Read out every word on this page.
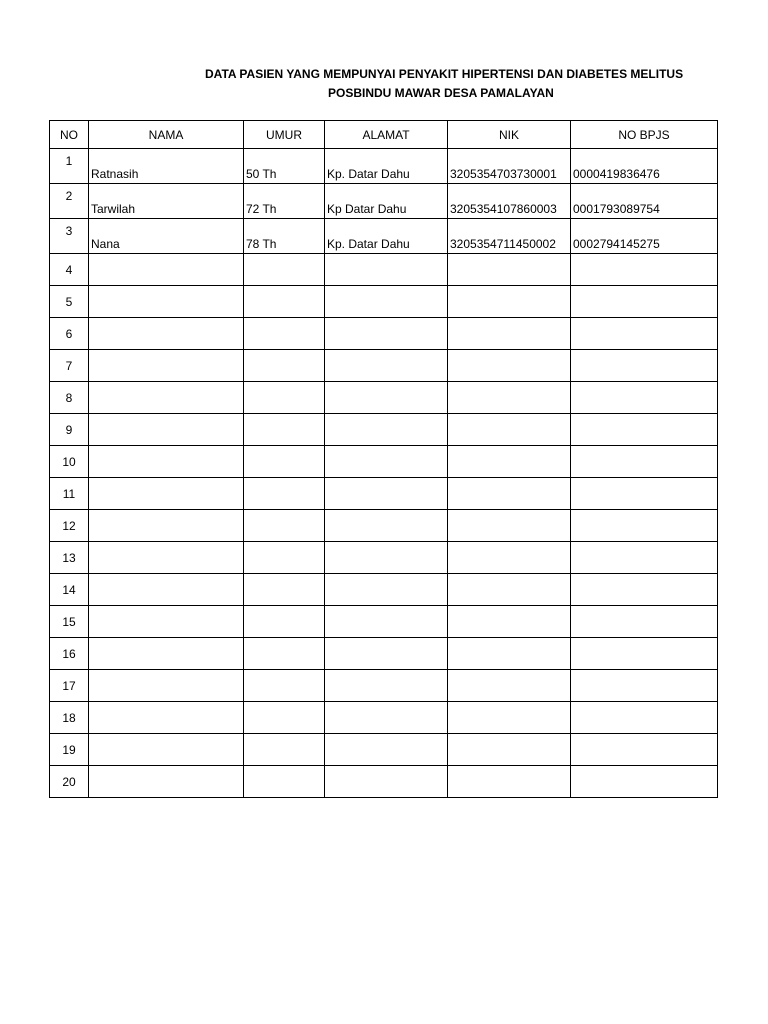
DATA PASIEN YANG MEMPUNYAI PENYAKIT HIPERTENSI DAN DIABETES MELITUS
POSBINDU MAWAR DESA PAMALAYAN
NO	NAMA	UMUR	ALAMAT	NIK	NO BPJS
1	Ratnasih	50 Th	Kp. Datar Dahu	3205354703730001	0000419836476
2	Tarwilah	72 Th	Kp Datar Dahu	3205354107860003	0001793089754
3	Nana	78 Th	Kp. Datar Dahu	3205354711450002	0002794145275
4					
5					
6					
7					
8					
9					
10					
11					
12					
13					
14					
15					
16					
17					
18					
19					
20					
